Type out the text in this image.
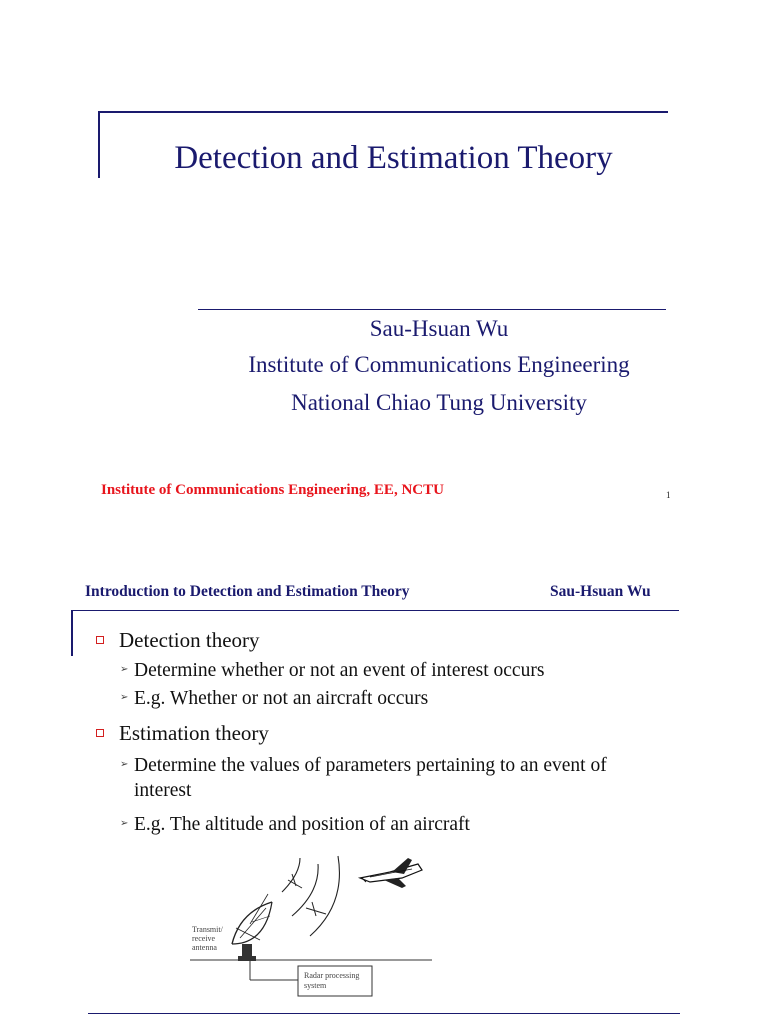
Detection and Estimation Theory
Sau-Hsuan Wu
Institute of Communications Engineering
National Chiao Tung University
Institute of Communications Engineering, EE, NCTU	1
Introduction to Detection and Estimation Theory	Sau-Hsuan Wu
Detection theory
➢ Determine whether or not an event of interest occurs
➢ E.g. Whether or not an aircraft occurs
Estimation theory
➢ Determine the values of parameters pertaining to an event of interest
➢ E.g. The altitude and position of an aircraft
Transmit/ receive antenna
Radar processing
system
